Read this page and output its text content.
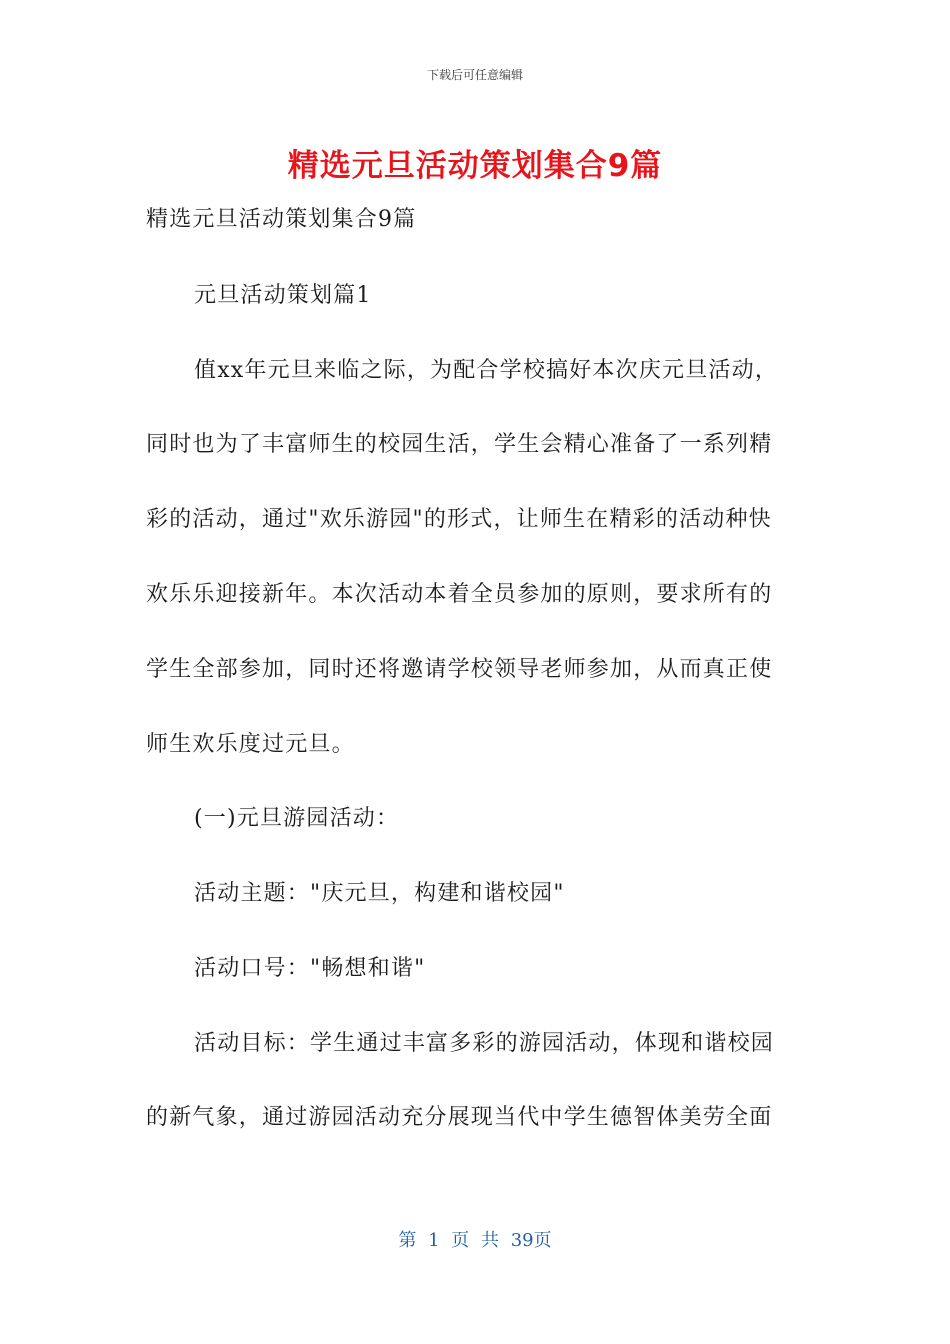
下载后可任意编辑
精选元旦活动策划集合9篇
精选元旦活动策划集合9篇
元旦活动策划篇1
值xx年元旦来临之际，为配合学校搞好本次庆元旦活动，
同时也为了丰富师生的校园生活，学生会精心准备了一系列精
彩的活动，通过"欢乐游园"的形式，让师生在精彩的活动种快
欢乐乐迎接新年。本次活动本着全员参加的原则，要求所有的
学生全部参加，同时还将邀请学校领导老师参加，从而真正使
师生欢乐度过元旦。
(一)元旦游园活动：
活动主题："庆元旦，构建和谐校园"
活动口号："畅想和谐"
活动目标：学生通过丰富多彩的游园活动，体现和谐校园
的新气象，通过游园活动充分展现当代中学生德智体美劳全面
第 1 页 共 39页
